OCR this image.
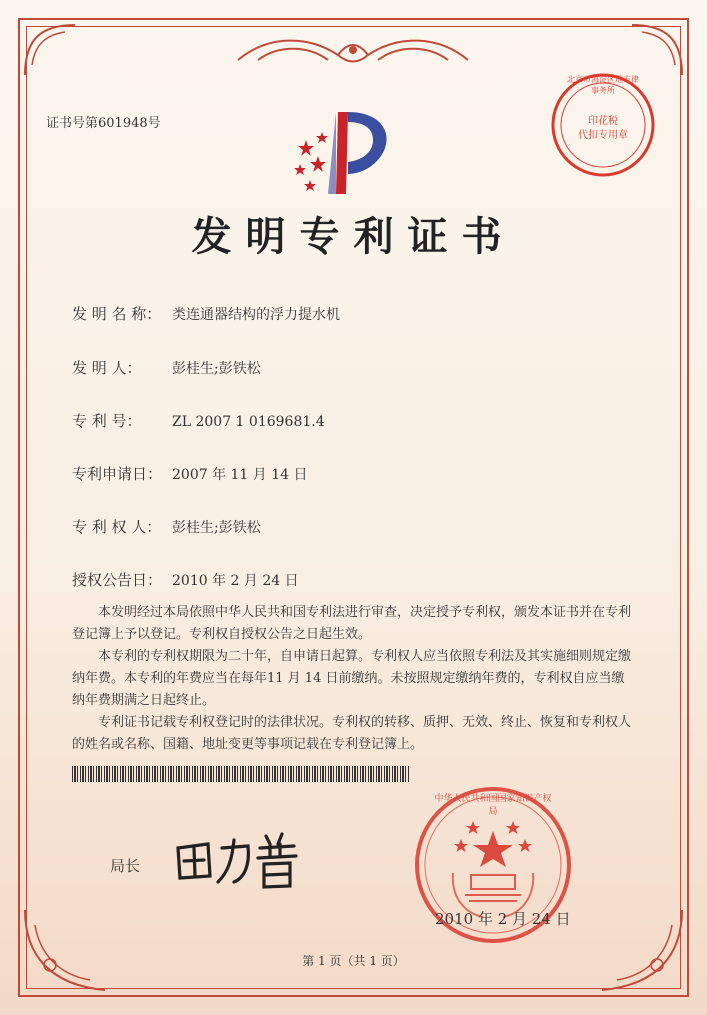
证书号第601948号
北京市海淀区地方律事务所
印花税
代扣专用章
发明专利证书
发 明 名 称： 类连通器结构的浮力提水机
发 明 人： 彭桂生;彭铁松
专 利 号： ZL 2007 1 0169681.4
专利申请日： 2007 年 11 月 14 日
专 利 权 人： 彭桂生;彭铁松
授权公告日： 2010 年 2 月 24 日

本发明经过本局依照中华人民共和国专利法进行审查，决定授予专利权，颁发本证书并在专利登记簿上予以登记。专利权自授权公告之日起生效。

本专利的专利权期限为二十年，自申请日起算。专利权人应当依照专利法及其实施细则规定缴纳年费。本专利的年费应当在每年11 月 14 日前缴纳。未按照规定缴纳年费的，专利权自应当缴纳年费期满之日起终止。

专利证书记载专利权登记时的法律状况。专利权的转移、质押、无效、终止、恢复和专利权人的姓名或名称、国籍、地址变更等事项记载在专利登记簿上。

局长
中华人民共和国国家知识产权局
2010 年 2 月 24 日
第 1 页（共 1 页）
